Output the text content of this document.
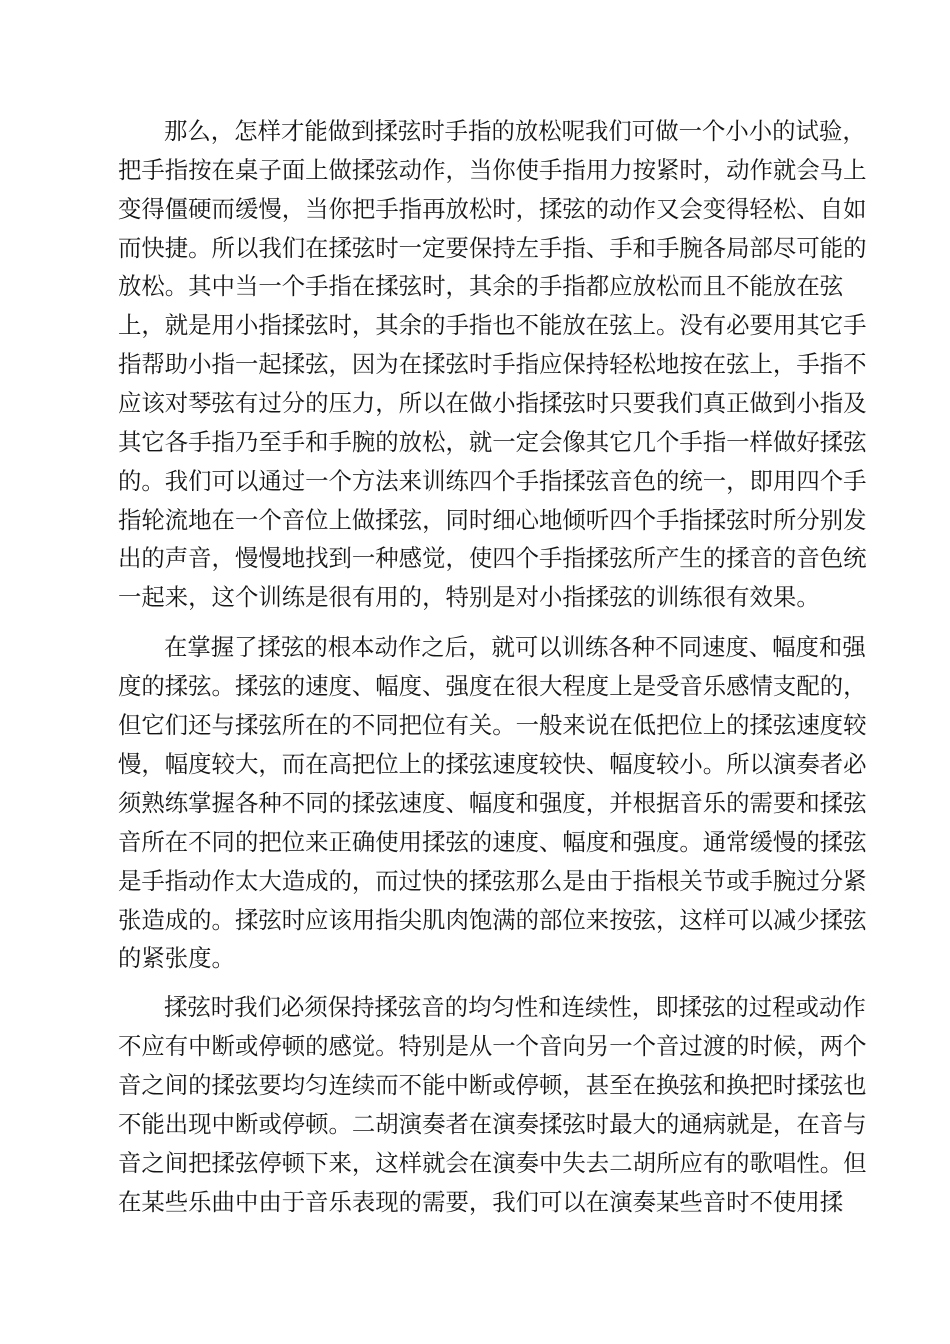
那么，怎样才能做到揉弦时手指的放松呢我们可做一个小小的试验，
把手指按在桌子面上做揉弦动作，当你使手指用力按紧时，动作就会马上
变得僵硬而缓慢，当你把手指再放松时，揉弦的动作又会变得轻松、自如
而快捷。所以我们在揉弦时一定要保持左手指、手和手腕各局部尽可能的
放松。其中当一个手指在揉弦时，其余的手指都应放松而且不能放在弦
上，就是用小指揉弦时，其余的手指也不能放在弦上。没有必要用其它手
指帮助小指一起揉弦，因为在揉弦时手指应保持轻松地按在弦上，手指不
应该对琴弦有过分的压力，所以在做小指揉弦时只要我们真正做到小指及
其它各手指乃至手和手腕的放松，就一定会像其它几个手指一样做好揉弦
的。我们可以通过一个方法来训练四个手指揉弦音色的统一，即用四个手
指轮流地在一个音位上做揉弦，同时细心地倾听四个手指揉弦时所分别发
出的声音，慢慢地找到一种感觉，使四个手指揉弦所产生的揉音的音色统
一起来，这个训练是很有用的，特别是对小指揉弦的训练很有效果。
在掌握了揉弦的根本动作之后，就可以训练各种不同速度、幅度和强
度的揉弦。揉弦的速度、幅度、强度在很大程度上是受音乐感情支配的，
但它们还与揉弦所在的不同把位有关。一般来说在低把位上的揉弦速度较
慢，幅度较大，而在高把位上的揉弦速度较快、幅度较小。所以演奏者必
须熟练掌握各种不同的揉弦速度、幅度和强度，并根据音乐的需要和揉弦
音所在不同的把位来正确使用揉弦的速度、幅度和强度。通常缓慢的揉弦
是手指动作太大造成的，而过快的揉弦那么是由于指根关节或手腕过分紧
张造成的。揉弦时应该用指尖肌肉饱满的部位来按弦，这样可以减少揉弦
的紧张度。
揉弦时我们必须保持揉弦音的均匀性和连续性，即揉弦的过程或动作
不应有中断或停顿的感觉。特别是从一个音向另一个音过渡的时候，两个
音之间的揉弦要均匀连续而不能中断或停顿，甚至在换弦和换把时揉弦也
不能出现中断或停顿。二胡演奏者在演奏揉弦时最大的通病就是，在音与
音之间把揉弦停顿下来，这样就会在演奏中失去二胡所应有的歌唱性。但
在某些乐曲中由于音乐表现的需要，我们可以在演奏某些音时不使用揉
